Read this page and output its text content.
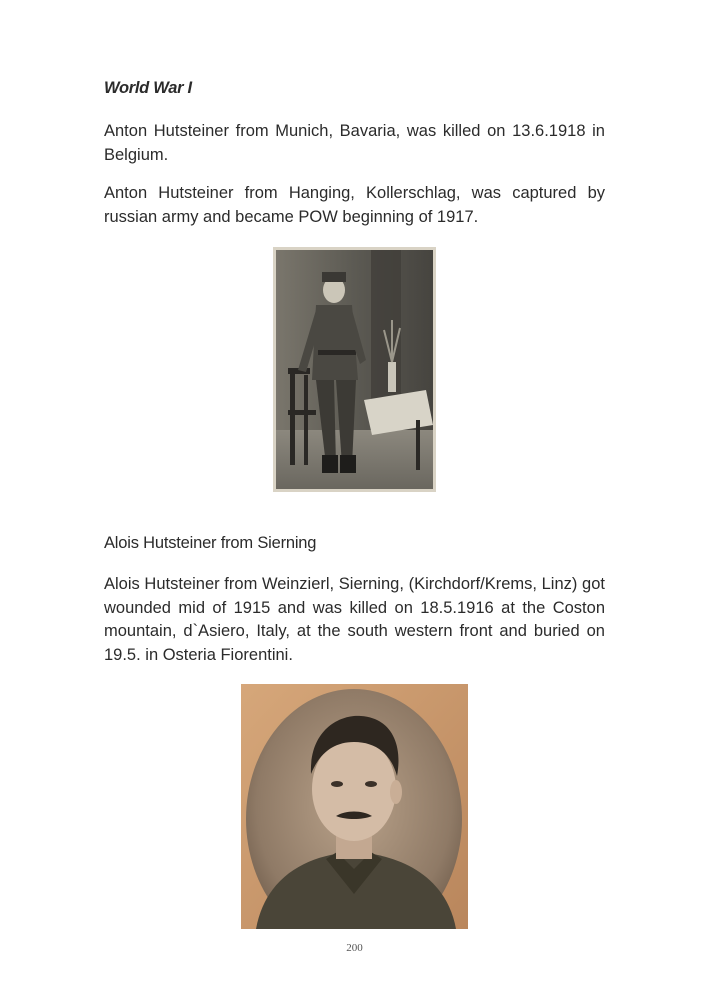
World War I

Anton Hutsteiner from Munich, Bavaria, was killed on 13.6.1918 in Belgium.

Anton Hutsteiner from Hanging, Kollerschlag, was captured by russian army and became POW beginning of 1917.

Alois Hutsteiner from Sierning

Alois Hutsteiner from Weinzierl, Sierning, (Kirchdorf/Krems, Linz) got wounded mid of 1915 and was killed on 18.5.1916 at the Coston mountain, d`Asiero, Italy, at the south western front and buried on 19.5. in Osteria Fiorentini.

200
